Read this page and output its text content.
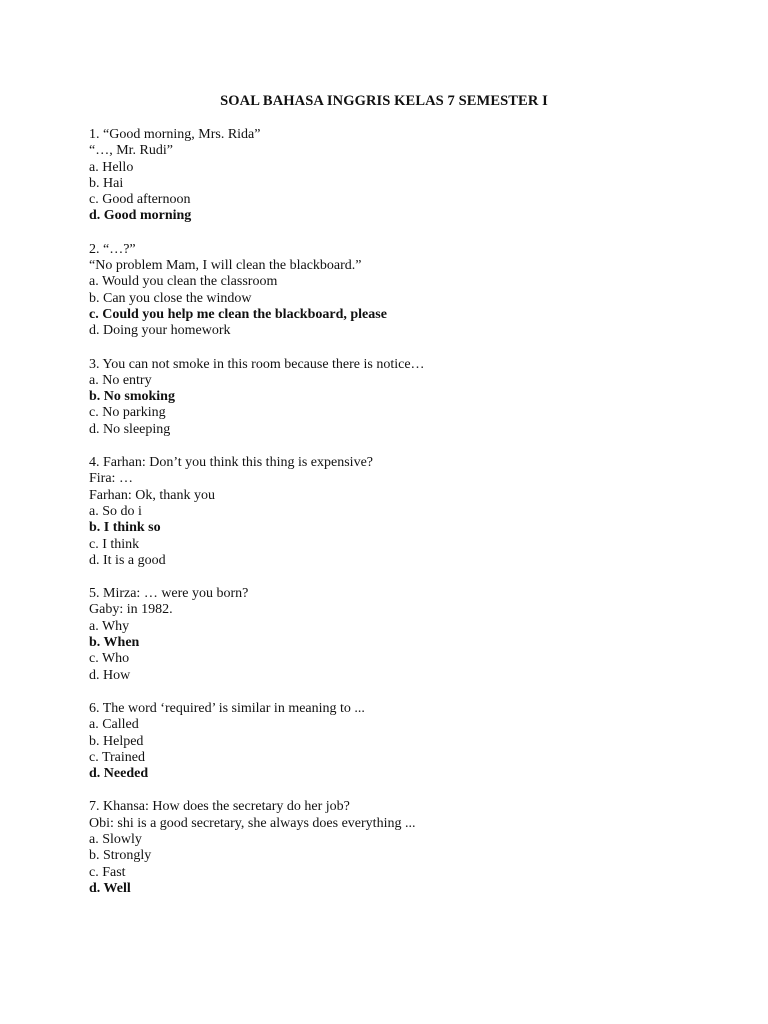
SOAL BAHASA INGGRIS KELAS 7 SEMESTER I
1. “Good morning, Mrs. Rida”
“…, Mr. Rudi”
a. Hello
b. Hai
c. Good afternoon
d. Good morning
2. “…?”
“No problem Mam, I will clean the blackboard.”
a. Would you clean the classroom
b. Can you close the window
c. Could you help me clean the blackboard, please
d. Doing your homework
3. You can not smoke in this room because there is notice…
a. No entry
b. No smoking
c. No parking
d. No sleeping
4. Farhan: Don’t you think this thing is expensive?
Fira: …
Farhan: Ok, thank you
a. So do i
b. I think so
c. I think
d. It is a good
5. Mirza: … were you born?
Gaby: in 1982.
a. Why
b. When
c. Who
d. How
6. The word ‘required’ is similar in meaning to ...
a. Called
b. Helped
c. Trained
d. Needed
7. Khansa: How does the secretary do her job?
Obi: shi is a good secretary, she always does everything ...
a. Slowly
b. Strongly
c. Fast
d. Well
